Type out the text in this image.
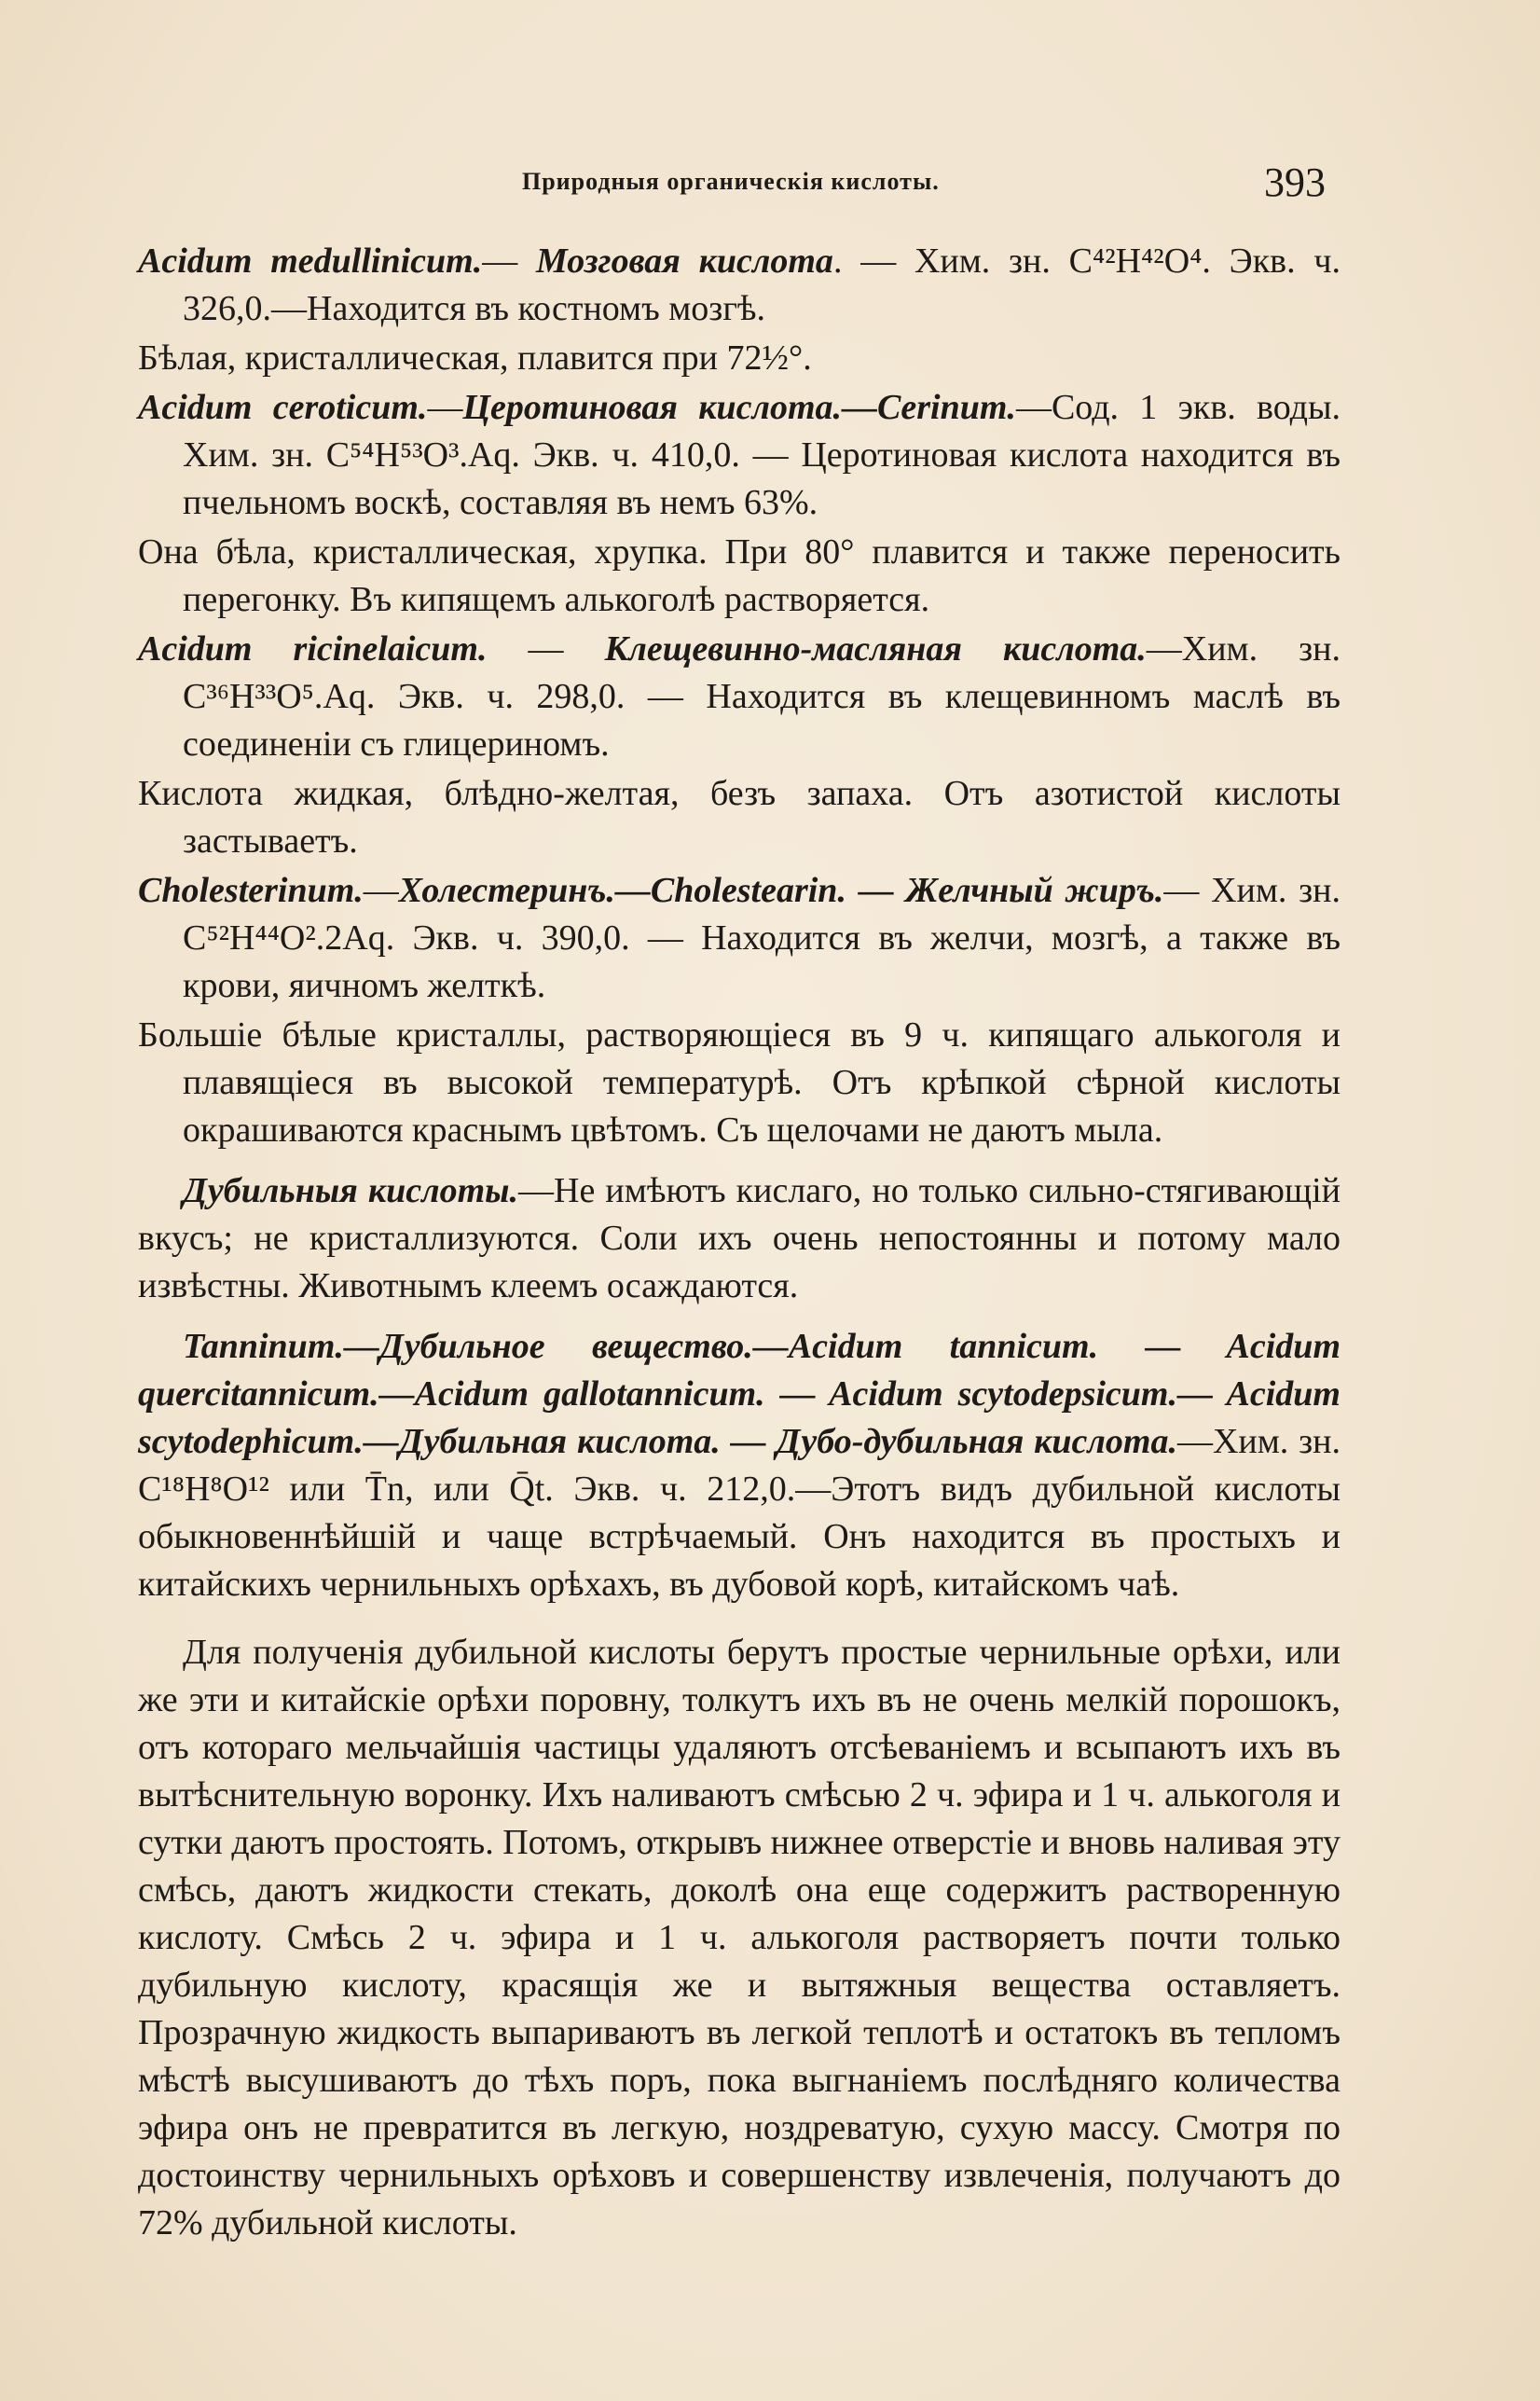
Природныя органическія кислоты.	393

Acidum medullinicum.— Мозговая кислота. — Хим. зн. C⁴²H⁴²O⁴. Экв. ч. 326,0.—Находится въ костномъ мозгѣ.

Бѣлая, кристаллическая, плавится при 72½°.

Acidum ceroticum.—Церотиновая кислота.—Cerinum.—Сод. 1 экв. воды. Хим. зн. C⁵⁴H⁵³O³.Aq. Экв. ч. 410,0. — Церотиновая кислота находится въ пчельномъ воскѣ, составляя въ немъ 63%.

Она бѣла, кристаллическая, хрупка. При 80° плавится и также переносить перегонку. Въ кипящемъ алькоголѣ растворяется.

Acidum ricinelaicum. — Клещевинно-масляная кислота.—Хим. зн. C³⁶H³³O⁵.Aq. Экв. ч. 298,0. — Находится въ клещевинномъ маслѣ въ соединеніи съ глицериномъ.

Кислота жидкая, блѣдно-желтая, безъ запаха. Отъ азотистой кислоты застываетъ.

Cholesterinum.—Холестеринъ.—Cholestearin. — Желчный жиръ.— Хим. зн. C⁵²H⁴⁴O².2Aq. Экв. ч. 390,0. — Находится въ желчи, мозгѣ, а также въ крови, яичномъ желткѣ.

Большіе бѣлые кристаллы, растворяющіеся въ 9 ч. кипящаго алькоголя и плавящіеся въ высокой температурѣ. Отъ крѣпкой сѣрной кислоты окрашиваются краснымъ цвѣтомъ. Съ щелочами не даютъ мыла.

Дубильныя кислоты.—Не имѣютъ кислаго, но только сильно-стягивающій вкусъ; не кристаллизуются. Соли ихъ очень непостоянны и потому мало извѣстны. Животнымъ клеемъ осаждаются.

Tanninum.—Дубильное вещество.—Acidum tannicum. — Acidum quercitannicum.—Acidum gallotannicum. — Acidum scytodepsicum.— Acidum scytodephicum.—Дубильная кислота. — Дубо-дубильная кислота.—Хим. зн. C¹⁸H⁸O¹² или T̄n, или Q̄t. Экв. ч. 212,0.—Этотъ видъ дубильной кислоты обыкновеннѣйшій и чаще встрѣчаемый. Онъ находится въ простыхъ и китайскихъ чернильныхъ орѣхахъ, въ дубовой корѣ, китайскомъ чаѣ.

Для полученія дубильной кислоты берутъ простые чернильные орѣхи, или же эти и китайскіе орѣхи поровну, толкутъ ихъ въ не очень мелкій порошокъ, отъ котораго мельчайшія частицы удаляютъ отсѣеваніемъ и всыпаютъ ихъ въ вытѣснительную воронку. Ихъ наливаютъ смѣсью 2 ч. эфира и 1 ч. алькоголя и сутки даютъ простоять. Потомъ, открывъ нижнее отверстіе и вновь наливая эту смѣсь, даютъ жидкости стекать, доколѣ она еще содержитъ растворенную кислоту. Смѣсь 2 ч. эфира и 1 ч. алькоголя растворяетъ почти только дубильную кислоту, красящія же и вытяжныя вещества оставляетъ. Прозрачную жидкость выпариваютъ въ легкой теплотѣ и остатокъ въ тепломъ мѣстѣ высушиваютъ до тѣхъ поръ, пока выгнаніемъ послѣдняго количества эфира онъ не превратится въ легкую, ноздреватую, сухую массу. Смотря по достоинству чернильныхъ орѣховъ и совершенству извлеченія, получаютъ до 72% дубильной кислоты.
